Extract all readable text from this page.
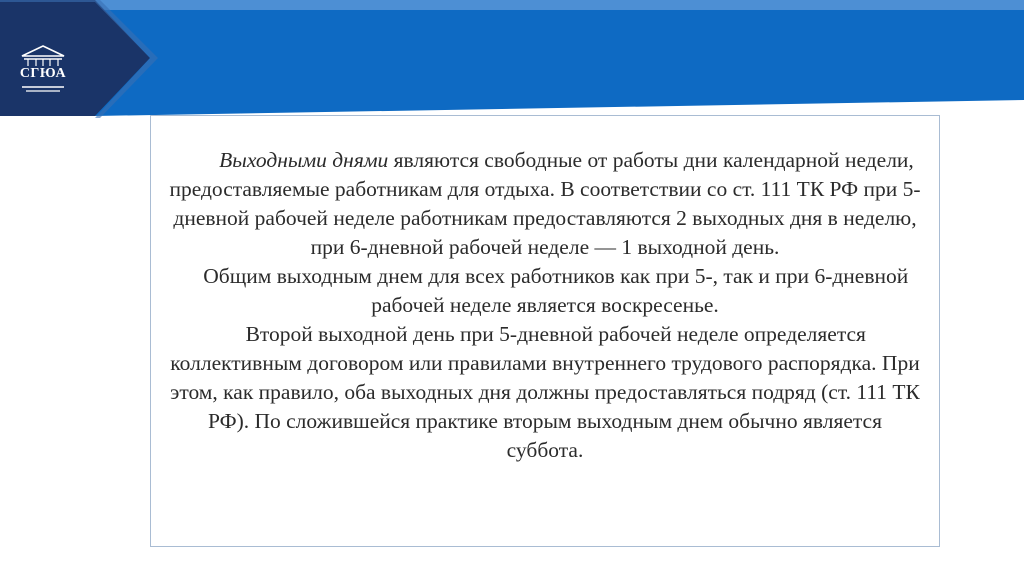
СГЮА

  Выходными днями являются свободные от работы дни календарной недели, предоставляемые работникам для отдыха. В соответствии со ст. 111 ТК РФ при 5-дневной рабочей неделе работникам предоставляются 2 выходных дня в неделю, при 6-дневной рабочей неделе — 1 выходной день.

 Общим выходным днем для всех работников как при 5-, так и при 6-дневной рабочей неделе является воскресенье.

 Второй выходной день при 5-дневной рабочей неделе определяется коллективным договором или правилами внутреннего трудового распорядка. При этом, как правило, оба выходных дня должны предоставляться подряд (ст. 111 ТК РФ). По сложившейся практике вторым выходным днем обычно является суббота.
